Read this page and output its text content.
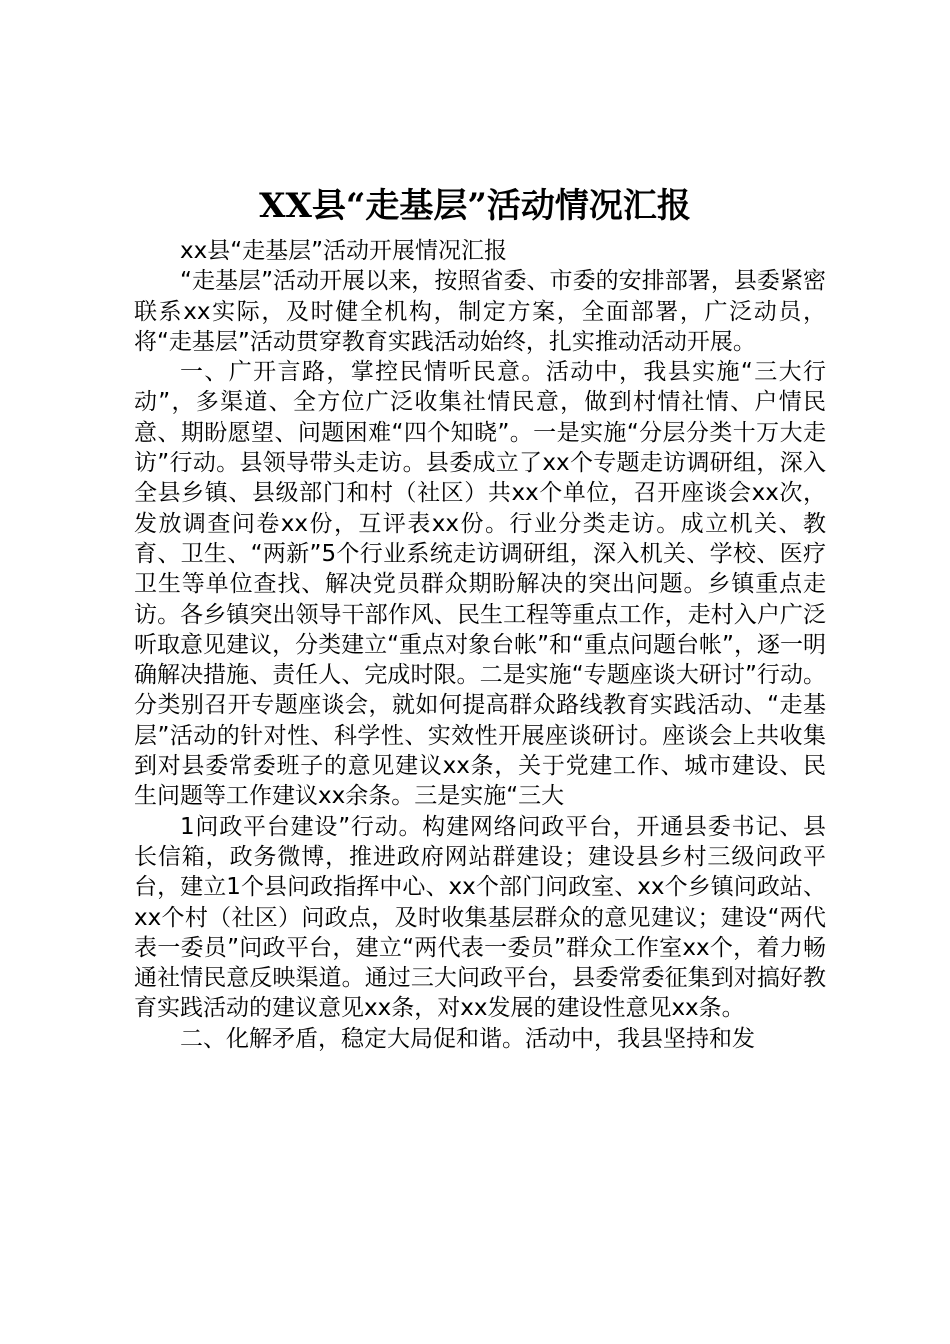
XX县“走基层”活动情况汇报

xx县“走基层”活动开展情况汇报

“走基层”活动开展以来，按照省委、市委的安排部署，县委紧密联系xx实际，及时健全机构，制定方案，全面部署，广泛动员，将“走基层”活动贯穿教育实践活动始终，扎实推动活动开展。

一、广开言路，掌控民情听民意。活动中，我县实施“三大行动”，多渠道、全方位广泛收集社情民意，做到村情社情、户情民意、期盼愿望、问题困难“四个知晓”。一是实施“分层分类十万大走访”行动。县领导带头走访。县委成立了xx个专题走访调研组，深入全县乡镇、县级部门和村（社区）共xx个单位，召开座谈会xx次，发放调查问卷xx份，互评表xx份。行业分类走访。成立机关、教育、卫生、“两新”5个行业系统走访调研组，深入机关、学校、医疗卫生等单位查找、解决党员群众期盼解决的突出问题。乡镇重点走访。各乡镇突出领导干部作风、民生工程等重点工作，走村入户广泛听取意见建议，分类建立“重点对象台帐”和“重点问题台帐”，逐一明确解决措施、责任人、完成时限。二是实施“专题座谈大研讨”行动。分类别召开专题座谈会，就如何提高群众路线教育实践活动、“走基层”活动的针对性、科学性、实效性开展座谈研讨。座谈会上共收集到对县委常委班子的意见建议xx条，关于党建工作、城市建设、民生问题等工作建议xx余条。三是实施“三大

1问政平台建设”行动。构建网络问政平台，开通县委书记、县长信箱，政务微博，推进政府网站群建设；建设县乡村三级问政平台，建立1个县问政指挥中心、xx个部门问政室、xx个乡镇问政站、xx个村（社区）问政点，及时收集基层群众的意见建议；建设“两代表一委员”问政平台，建立“两代表一委员”群众工作室xx个，着力畅通社情民意反映渠道。通过三大问政平台，县委常委征集到对搞好教育实践活动的建议意见xx条，对xx发展的建设性意见xx条。

二、化解矛盾，稳定大局促和谐。活动中，我县坚持和发
